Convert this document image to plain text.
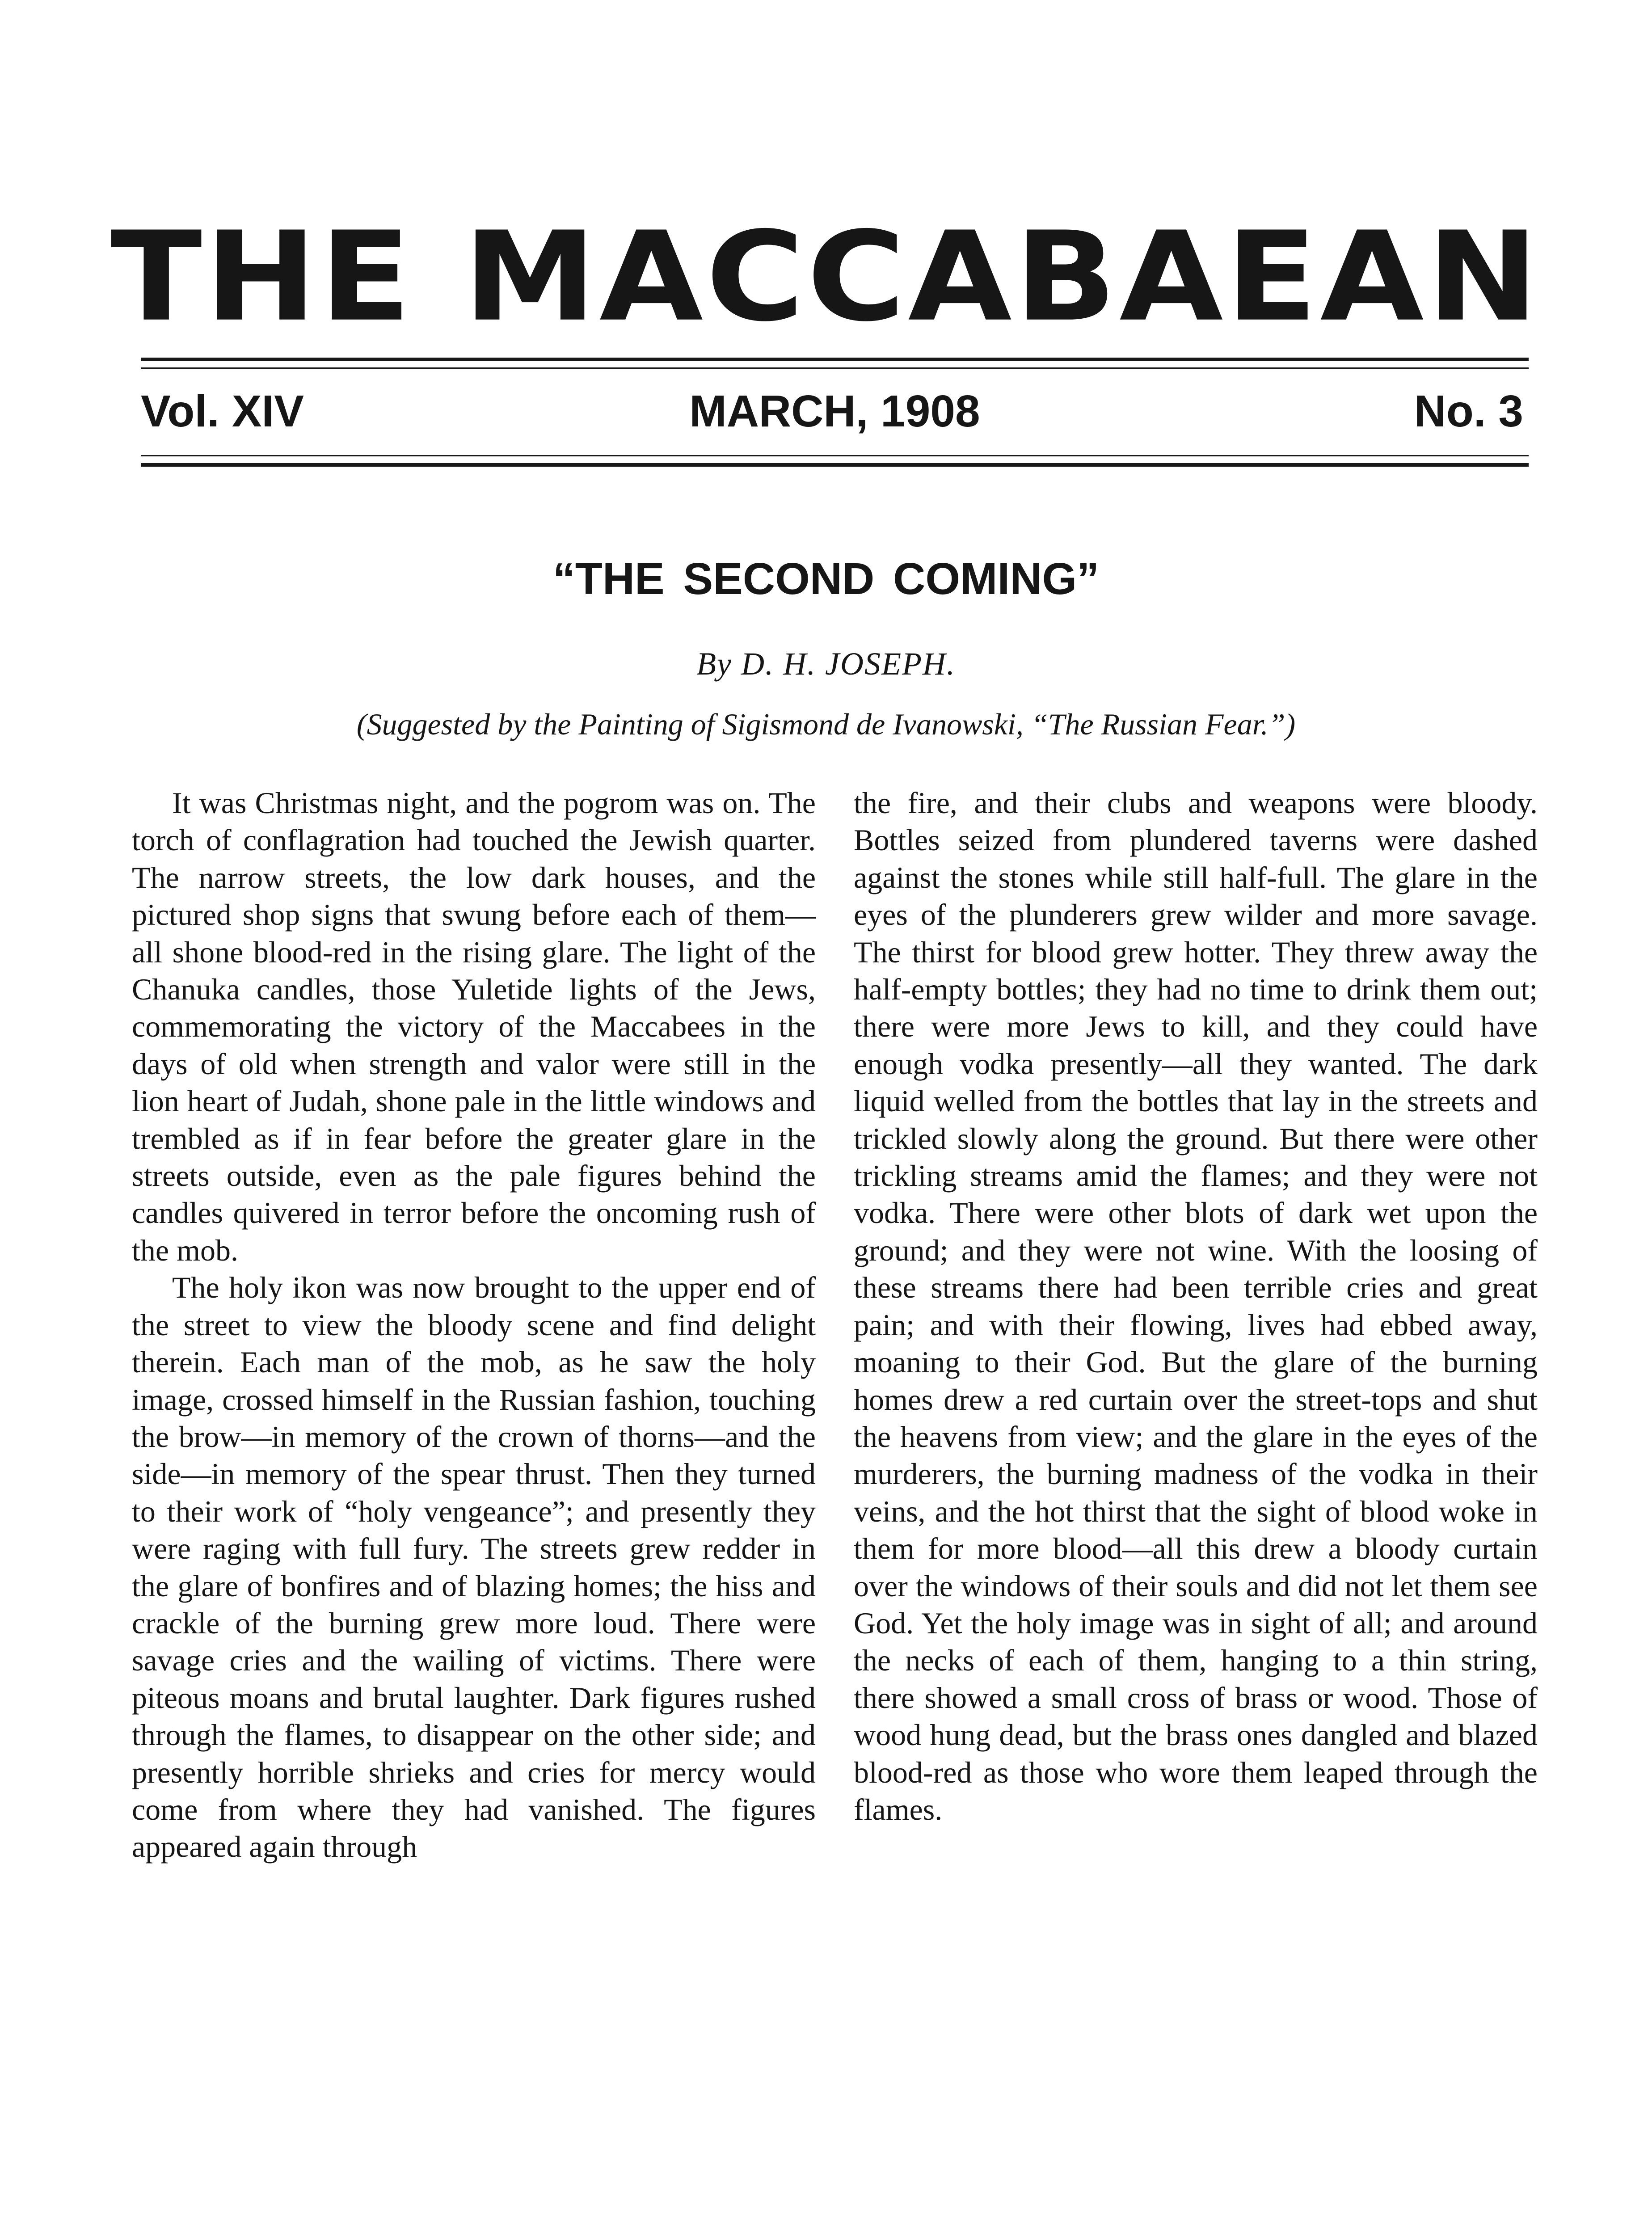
THE MACCABAEAN
Vol. XIV	MARCH, 1908	No. 3
“THE SECOND COMING”
By D. H. JOSEPH.
(Suggested by the Painting of Sigismond de Ivanowski, “The Russian Fear.”)

It was Christmas night, and the pogrom was on. The torch of conflagration had touched the Jewish quarter. The narrow streets, the low dark houses, and the pictured shop signs that swung before each of them—all shone blood-red in the rising glare. The light of the Chanuka candles, those Yuletide lights of the Jews, commemorating the victory of the Maccabees in the days of old when strength and valor were still in the lion heart of Judah, shone pale in the little windows and trembled as if in fear before the greater glare in the streets outside, even as the pale figures behind the candles quivered in terror before the oncoming rush of the mob.

The holy ikon was now brought to the upper end of the street to view the bloody scene and find delight therein. Each man of the mob, as he saw the holy image, crossed himself in the Russian fashion, touching the brow—in memory of the crown of thorns—and the side—in memory of the spear thrust. Then they turned to their work of “holy vengeance”; and presently they were raging with full fury. The streets grew redder in the glare of bonfires and of blazing homes; the hiss and crackle of the burning grew more loud. There were savage cries and the wailing of victims. There were piteous moans and brutal laughter. Dark figures rushed through the flames, to disappear on the other side; and presently horrible shrieks and cries for mercy would come from where they had vanished. The figures appeared again through

the fire, and their clubs and weapons were bloody. Bottles seized from plundered taverns were dashed against the stones while still half-full. The glare in the eyes of the plunderers grew wilder and more savage. The thirst for blood grew hotter. They threw away the half-empty bottles; they had no time to drink them out; there were more Jews to kill, and they could have enough vodka presently—all they wanted. The dark liquid welled from the bottles that lay in the streets and trickled slowly along the ground. But there were other trickling streams amid the flames; and they were not vodka. There were other blots of dark wet upon the ground; and they were not wine. With the loosing of these streams there had been terrible cries and great pain; and with their flowing, lives had ebbed away, moaning to their God. But the glare of the burning homes drew a red curtain over the street-tops and shut the heavens from view; and the glare in the eyes of the murderers, the burning madness of the vodka in their veins, and the hot thirst that the sight of blood woke in them for more blood—all this drew a bloody curtain over the windows of their souls and did not let them see God. Yet the holy image was in sight of all; and around the necks of each of them, hanging to a thin string, there showed a small cross of brass or wood. Those of wood hung dead, but the brass ones dangled and blazed blood-red as those who wore them leaped through the flames.
